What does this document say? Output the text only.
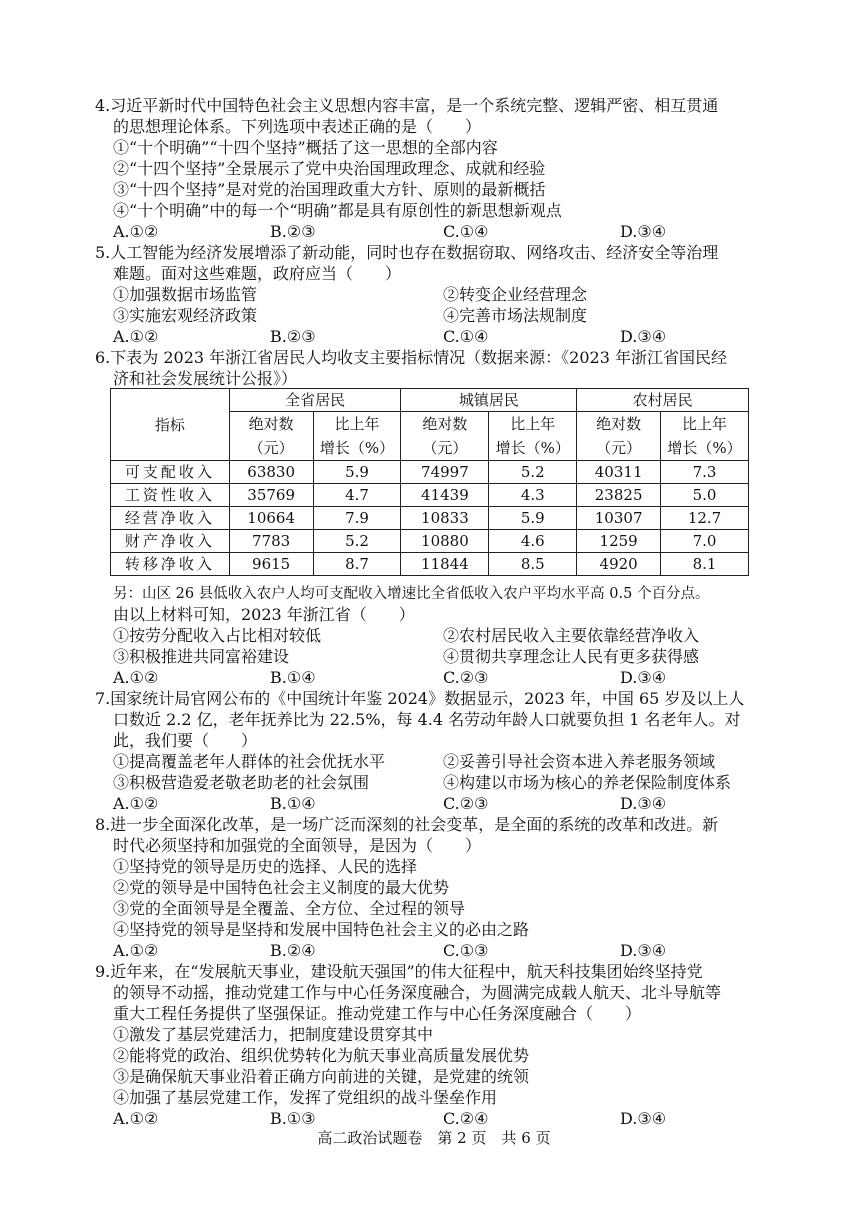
4.习近平新时代中国特色社会主义思想内容丰富，是一个系统完整、逻辑严密、相互贯通
的思想理论体系。下列选项中表述正确的是（　　）
①“十个明确”“十四个坚持”概括了这一思想的全部内容
②“十四个坚持”全景展示了党中央治国理政理念、成就和经验
③“十四个坚持”是对党的治国理政重大方针、原则的最新概括
④“十个明确”中的每一个“明确”都是具有原创性的新思想新观点
A.①②	B.②③	C.①④	D.③④
5.人工智能为经济发展增添了新动能，同时也存在数据窃取、网络攻击、经济安全等治理
难题。面对这些难题，政府应当（　　）
①加强数据市场监管	②转变企业经营理念
③实施宏观经济政策	④完善市场法规制度
A.①②	B.②③	C.①④	D.③④
6.下表为 2023 年浙江省居民人均收支主要指标情况（数据来源：《2023 年浙江省国民经
济和社会发展统计公报》）
指标	全省居民		城镇居民		农村居民	
	绝对数	比上年	绝对数	比上年	绝对数	比上年
	（元）	增长（%）	（元）	增长（%）	（元）	增长（%）
可支配收入	63830	5.9	74997	5.2	40311	7.3
工资性收入	35769	4.7	41439	4.3	23825	5.0
经营净收入	10664	7.9	10833	5.9	10307	12.7
财产净收入	7783	5.2	10880	4.6	1259	7.0
转移净收入	9615	8.7	11844	8.5	4920	8.1
另：山区 26 县低收入农户人均可支配收入增速比全省低收入农户平均水平高 0.5 个百分点。
由以上材料可知，2023 年浙江省（　　）
①按劳分配收入占比相对较低	②农村居民收入主要依靠经营净收入
③积极推进共同富裕建设	④贯彻共享理念让人民有更多获得感
A.①②	B.①④	C.②③	D.③④
7.国家统计局官网公布的《中国统计年鉴 2024》数据显示，2023 年，中国 65 岁及以上人
口数近 2.2 亿，老年抚养比为 22.5%，每 4.4 名劳动年龄人口就要负担 1 名老年人。对
此，我们要（　　）
①提高覆盖老年人群体的社会优抚水平	②妥善引导社会资本进入养老服务领域
③积极营造爱老敬老助老的社会氛围	④构建以市场为核心的养老保险制度体系
A.①②	B.①④	C.②③	D.③④
8.进一步全面深化改革，是一场广泛而深刻的社会变革，是全面的系统的改革和改进。新
时代必须坚持和加强党的全面领导，是因为（　　）
①坚持党的领导是历史的选择、人民的选择
②党的领导是中国特色社会主义制度的最大优势
③党的全面领导是全覆盖、全方位、全过程的领导
④坚持党的领导是坚持和发展中国特色社会主义的必由之路
A.①②	B.②④	C.①③	D.③④
9.近年来，在“发展航天事业，建设航天强国”的伟大征程中，航天科技集团始终坚持党
的领导不动摇，推动党建工作与中心任务深度融合，为圆满完成载人航天、北斗导航等
重大工程任务提供了坚强保证。推动党建工作与中心任务深度融合（　　）
①激发了基层党建活力，把制度建设贯穿其中
②能将党的政治、组织优势转化为航天事业高质量发展优势
③是确保航天事业沿着正确方向前进的关键，是党建的统领
④加强了基层党建工作，发挥了党组织的战斗堡垒作用
A.①②	B.①③	C.②④	D.③④
高二政治试题卷　第 2 页　共 6 页
